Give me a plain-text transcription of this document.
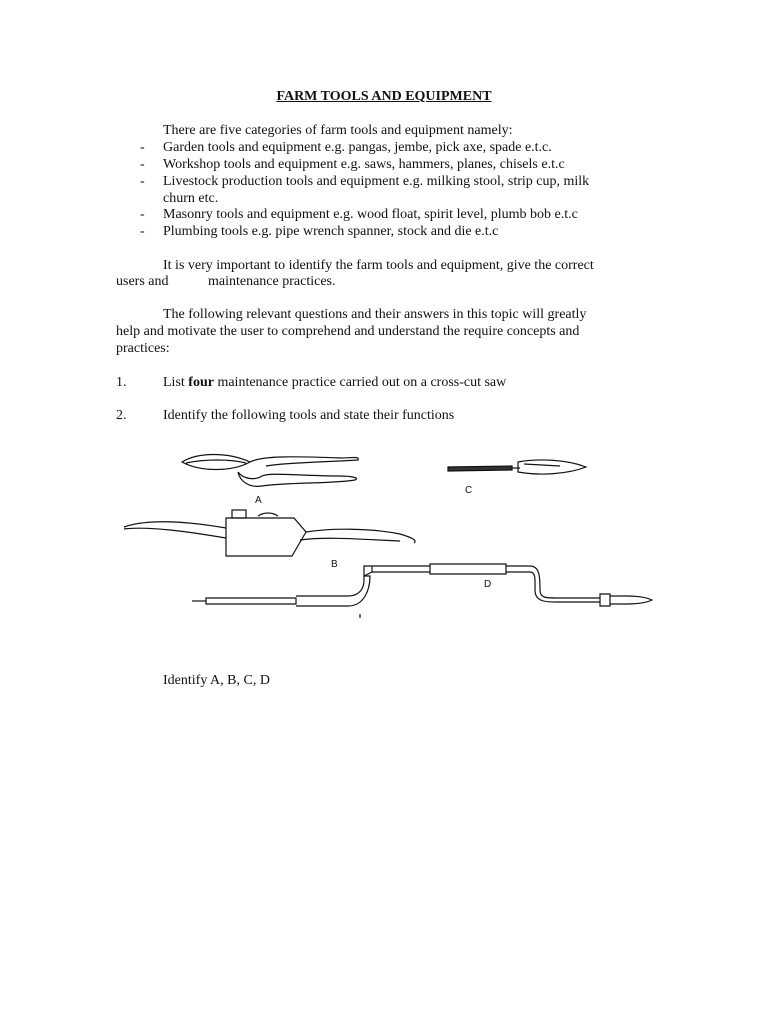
FARM TOOLS AND EQUIPMENT
There are five categories of farm tools and equipment namely:
- Garden tools and equipment e.g. pangas, jembe, pick axe, spade e.t.c.
- Workshop tools and equipment e.g. saws, hammers, planes, chisels e.t.c
- Livestock production tools and equipment e.g. milking stool, strip cup, milk
churn etc.
- Masonry tools and equipment e.g. wood float, spirit level, plumb bob e.t.c
- Plumbing tools e.g. pipe wrench spanner, stock and die e.t.c
It is very important to identify the farm tools and equipment, give the correct
users and	maintenance practices.
The following relevant questions and their answers in this topic will greatly
help and motivate the user to comprehend and understand the require concepts and
practices:
1.	List four maintenance practice carried out on a cross-cut saw
2.	Identify the following tools and state their functions
A
C
B
D
Identify A, B, C, D
